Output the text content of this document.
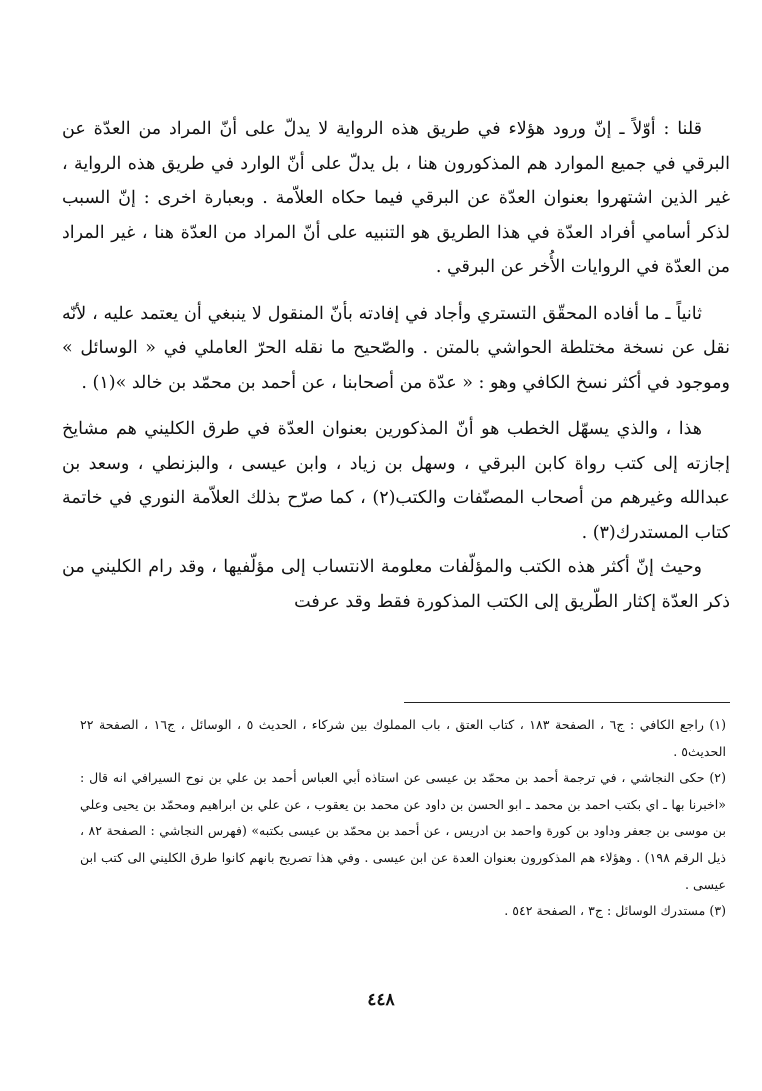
قلنا : أوّلاً ـ إنّ ورود هؤلاء في طريق هذه الرواية لا يدلّ على أنّ المراد من العدّة عن البرقي في جميع الموارد هم المذكورون هنا ، بل يدلّ على أنّ الوارد في طريق هذه الرواية ، غير الذين اشتهروا بعنوان العدّة عن البرقي فيما حكاه العلاّمة . وبعبارة اخرى : إنّ السبب لذكر أسامي أفراد العدّة في هذا الطريق هو التنبيه على أنّ المراد من العدّة هنا ، غير المراد من العدّة في الروايات الأُخر عن البرقي .

ثانياً ـ ما أفاده المحقّق التستري وأجاد في إفادته بأنّ المنقول لا ينبغي أن يعتمد عليه ، لأنّه نقل عن نسخة مختلطة الحواشي بالمتن . والصّحيح ما نقله الحرّ العاملي في « الوسائل » وموجود في أكثر نسخ الكافي وهو : « عدّة من أصحابنا ، عن أحمد بن محمّد بن خالد »(١) .

هذا ، والذي يسهّل الخطب هو أنّ المذكورين بعنوان العدّة في طرق الكليني هم مشايخ إجازته إلى كتب رواة كابن البرقي ، وسهل بن زياد ، وابن عيسى ، والبزنطي ، وسعد بن عبدالله وغيرهم من أصحاب المصنّفات والكتب(٢) ، كما صرّح بذلك العلاّمة النوري في خاتمة كتاب المستدرك(٣) .

وحيث إنّ أكثر هذه الكتب والمؤلّفات معلومة الانتساب إلى مؤلّفيها ، وقد رام الكليني من ذكر العدّة إكثار الطّريق إلى الكتب المذكورة فقط وقد عرفت

(١) راجع الكافي : ج٦ ، الصفحة ١٨٣ ، كتاب العتق ، باب المملوك بين شركاء ، الحديث ٥ ، الوسائل ، ج١٦ ، الصفحة ٢٢ الحديث٥ .

(٢) حكى النجاشي ، في ترجمة أحمد بن محمّد بن عيسى عن استاذه أبي العباس أحمد بن علي بن نوح السيرافي انه قال : «اخبرنا بها ـ اي بكتب احمد بن محمد ـ ابو الحسن بن داود عن محمد بن يعقوب ، عن علي بن ابراهيم ومحمّد بن يحيى وعلي بن موسى بن جعفر وداود بن كورة واحمد بن ادريس ، عن أحمد بن محمّد بن عيسى بكتبه» (فهرس النجاشي : الصفحة ٨٢ ، ذيل الرقم ١٩٨) . وهؤلاء هم المذكورون بعنوان العدة عن ابن عيسى . وفي هذا تصريح بانهم كانوا طرق الكليني الى كتب ابن عيسى .

(٣) مستدرك الوسائل : ج٣ ، الصفحة ٥٤٢ .

٤٤٨
